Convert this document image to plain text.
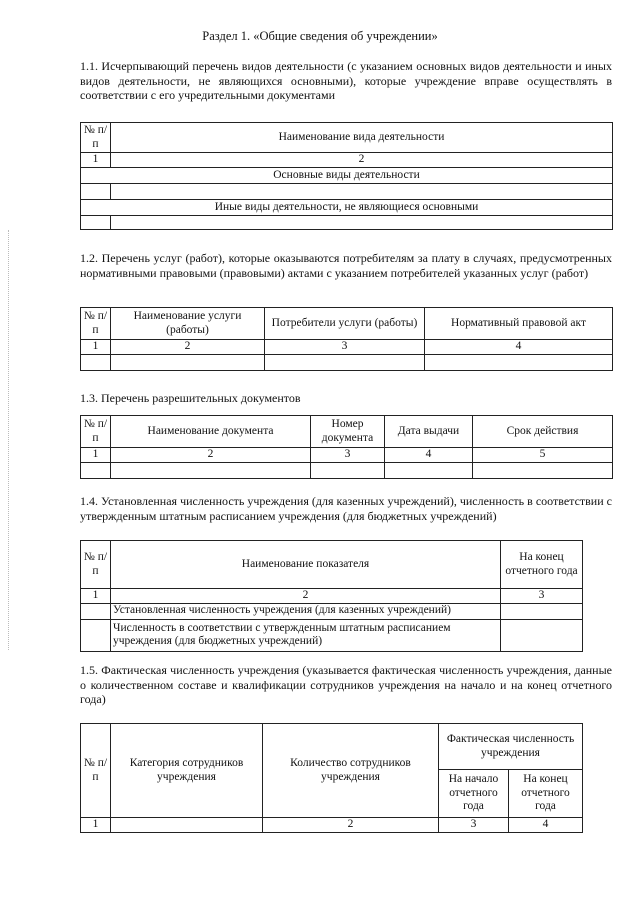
Раздел 1. «Общие сведения об учреждении»

1.1. Исчерпывающий перечень видов деятельности (с указанием основных видов деятельности и иных видов деятельности, не являющихся основными), которые учреждение вправе осуществлять в соответствии с его учредительными документами

№ п/п	Наименование вида деятельности
1	2
Основные виды деятельности	

Иные виды деятельности, не являющиеся основными	

1.2. Перечень услуг (работ), которые оказываются потребителям за плату в случаях, предусмотренных нормативными правовыми (правовыми) актами с указанием потребителей указанных услуг (работ)

№ п/п	Наименование услуги (работы)	Потребители услуги (работы)	Нормативный правовой акт
1	2	3	4

1.3. Перечень разрешительных документов

№ п/п	Наименование документа	Номер документа	Дата выдачи	Срок действия
1	2	3	4	5

1.4. Установленная численность учреждения (для казенных учреждений), численность в соответствии с утвержденным штатным расписанием учреждения (для бюджетных учреждений)

№ п/п	Наименование показателя	На конец отчетного года
1	2	3
	Установленная численность учреждения (для казенных учреждений)	
	Численность в соответствии с утвержденным штатным расписанием учреждения (для бюджетных учреждений)	

1.5. Фактическая численность учреждения (указывается фактическая численность учреждения, данные о количественном составе и квалификации сотрудников учреждения на начало и на конец отчетного года)

№ п/п	Категория сотрудников учреждения	Количество сотрудников учреждения	Фактическая численность учреждения	
			На начало отчетного года	На конец отчетного года
1		2	3	4
